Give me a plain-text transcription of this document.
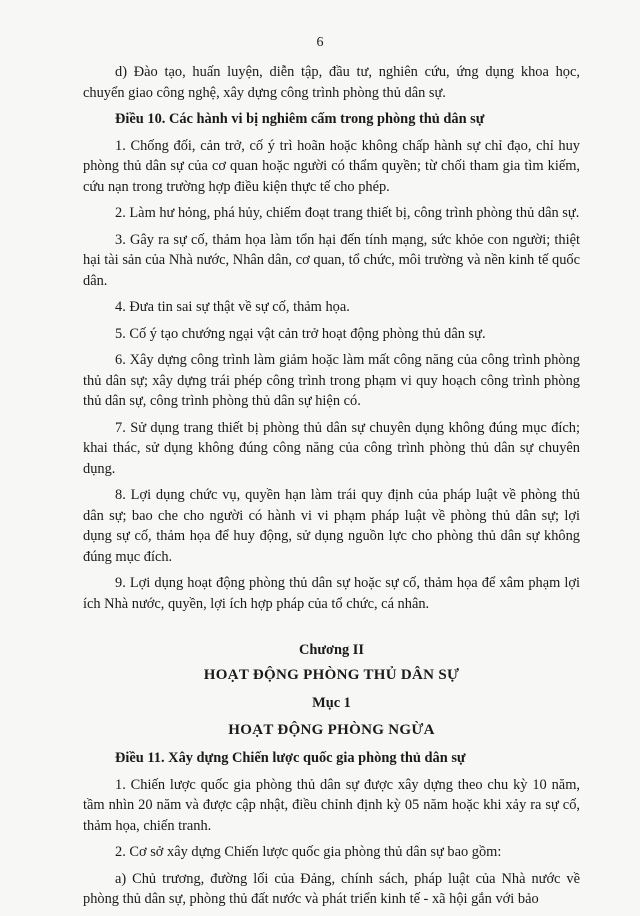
6

d) Đào tạo, huấn luyện, diễn tập, đầu tư, nghiên cứu, ứng dụng khoa học, chuyển giao công nghệ, xây dựng công trình phòng thủ dân sự.

Điều 10. Các hành vi bị nghiêm cấm trong phòng thủ dân sự

1. Chống đối, cản trở, cố ý trì hoãn hoặc không chấp hành sự chỉ đạo, chỉ huy phòng thủ dân sự của cơ quan hoặc người có thẩm quyền; từ chối tham gia tìm kiếm, cứu nạn trong trường hợp điều kiện thực tế cho phép.

2. Làm hư hỏng, phá hủy, chiếm đoạt trang thiết bị, công trình phòng thủ dân sự.

3. Gây ra sự cố, thảm họa làm tổn hại đến tính mạng, sức khỏe con người; thiệt hại tài sản của Nhà nước, Nhân dân, cơ quan, tổ chức, môi trường và nền kinh tế quốc dân.

4. Đưa tin sai sự thật về sự cố, thảm họa.

5. Cố ý tạo chướng ngại vật cản trở hoạt động phòng thủ dân sự.

6. Xây dựng công trình làm giảm hoặc làm mất công năng của công trình phòng thủ dân sự; xây dựng trái phép công trình trong phạm vi quy hoạch công trình phòng thủ dân sự, công trình phòng thủ dân sự hiện có.

7. Sử dụng trang thiết bị phòng thủ dân sự chuyên dụng không đúng mục đích; khai thác, sử dụng không đúng công năng của công trình phòng thủ dân sự chuyên dụng.

8. Lợi dụng chức vụ, quyền hạn làm trái quy định của pháp luật về phòng thủ dân sự; bao che cho người có hành vi vi phạm pháp luật về phòng thủ dân sự; lợi dụng sự cố, thảm họa để huy động, sử dụng nguồn lực cho phòng thủ dân sự không đúng mục đích.

9. Lợi dụng hoạt động phòng thủ dân sự hoặc sự cố, thảm họa để xâm phạm lợi ích Nhà nước, quyền, lợi ích hợp pháp của tổ chức, cá nhân.

Chương II

HOẠT ĐỘNG PHÒNG THỦ DÂN SỰ

Mục 1

HOẠT ĐỘNG PHÒNG NGỪA

Điều 11. Xây dựng Chiến lược quốc gia phòng thủ dân sự

1. Chiến lược quốc gia phòng thủ dân sự được xây dựng theo chu kỳ 10 năm, tầm nhìn 20 năm và được cập nhật, điều chỉnh định kỳ 05 năm hoặc khi xảy ra sự cố, thảm họa, chiến tranh.

2. Cơ sở xây dựng Chiến lược quốc gia phòng thủ dân sự bao gồm:

a) Chủ trương, đường lối của Đảng, chính sách, pháp luật của Nhà nước về phòng thủ dân sự, phòng thủ đất nước và phát triển kinh tế - xã hội gắn với bảo
